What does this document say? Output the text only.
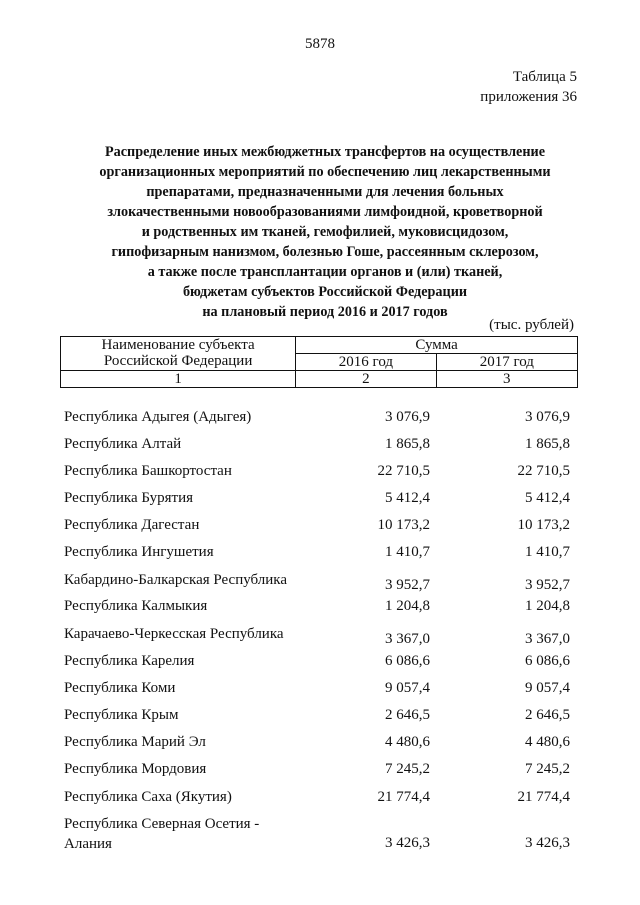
5878
Таблица 5
приложения 36
Распределение иных межбюджетных трансфертов на осуществление
организационных мероприятий по обеспечению лиц лекарственными
препаратами, предназначенными для лечения больных
злокачественными новообразованиями лимфоидной, кроветворной
и родственных им тканей, гемофилией, муковисцидозом,
гипофизарным нанизмом, болезнью Гоше, рассеянным склерозом,
а также после трансплантации органов и (или) тканей,
бюджетам субъектов Российской Федерации
на плановый период 2016 и 2017 годов
(тыс. рублей)
Наименование субъекта
Российской Федерации	Сумма	
	2016 год	2017 год
1	2	3
Республика Адыгея (Адыгея)	3 076,9	3 076,9
Республика Алтай	1 865,8	1 865,8
Республика Башкортостан	22 710,5	22 710,5
Республика Бурятия	5 412,4	5 412,4
Республика Дагестан	10 173,2	10 173,2
Республика Ингушетия	1 410,7	1 410,7
Кабардино-Балкарская Республика	3 952,7	3 952,7
Республика Калмыкия	1 204,8	1 204,8
Карачаево-Черкесская Республика	3 367,0	3 367,0
Республика Карелия	6 086,6	6 086,6
Республика Коми	9 057,4	9 057,4
Республика Крым	2 646,5	2 646,5
Республика Марий Эл	4 480,6	4 480,6
Республика Мордовия	7 245,2	7 245,2
Республика Саха (Якутия)	21 774,4	21 774,4
Республика Северная Осетия -
Алания	3 426,3	3 426,3
